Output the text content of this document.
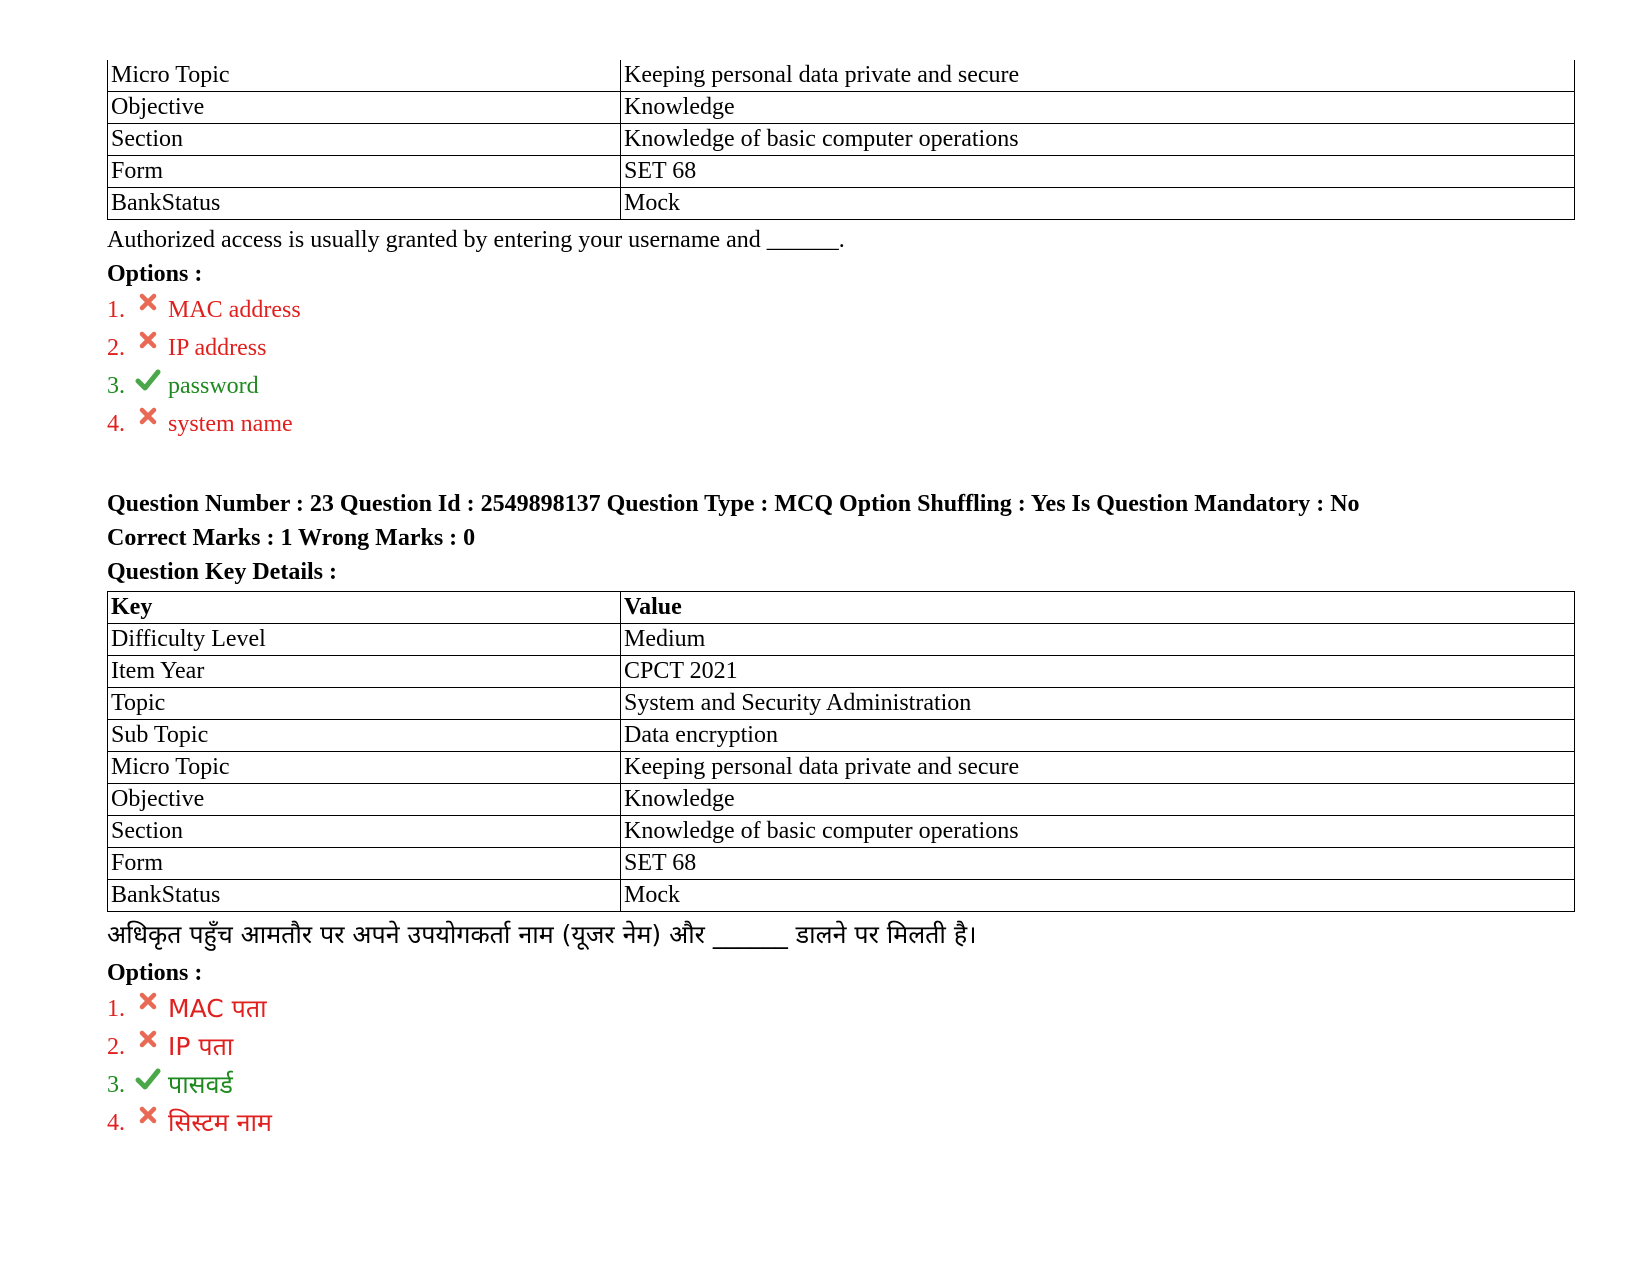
Micro Topic	Keeping personal data private and secure
Objective	Knowledge
Section	Knowledge of basic computer operations
Form	SET 68
BankStatus	Mock
Authorized access is usually granted by entering your username and ______.
Options :
1.	MAC address
2.	IP address
3.	password
4.	system name
Question Number : 23 Question Id : 2549898137 Question Type : MCQ Option Shuffling : Yes Is Question Mandatory : No
Correct Marks : 1 Wrong Marks : 0
Question Key Details :
Key	Value
Difficulty Level	Medium
Item Year	CPCT 2021
Topic	System and Security Administration
Sub Topic	Data encryption
Micro Topic	Keeping personal data private and secure
Objective	Knowledge
Section	Knowledge of basic computer operations
Form	SET 68
BankStatus	Mock
अधिकृत पहुँच आमतौर पर अपने उपयोगकर्ता नाम (यूजर नेम) और ______ डालने पर मिलती है।
Options :
1.	MAC पता
2.	IP पता
3.	पासवर्ड
4.	सिस्टम नाम
